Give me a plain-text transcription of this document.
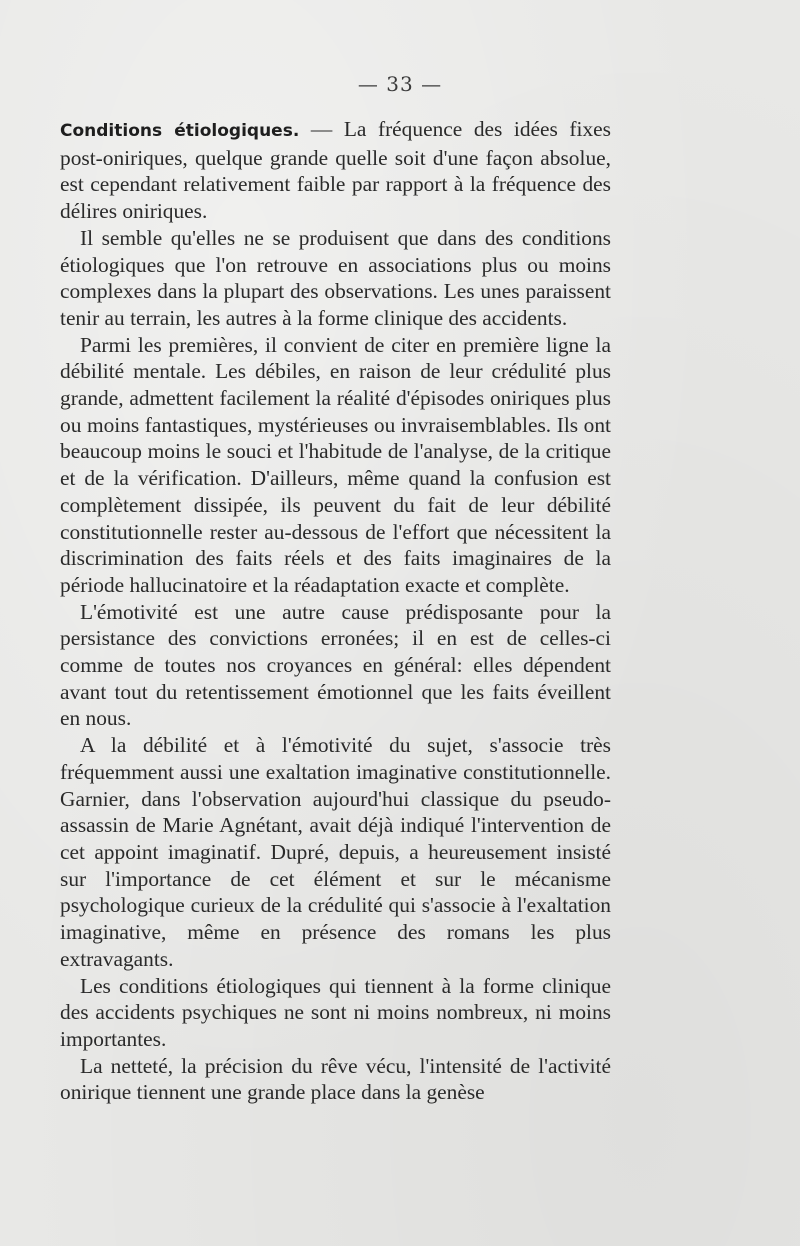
— 33 —

Conditions étiologiques. — La fréquence des idées fixes post-oniriques, quelque grande quelle soit d'une façon absolue, est cependant relativement faible par rapport à la fréquence des délires oniriques.

Il semble qu'elles ne se produisent que dans des conditions étiologiques que l'on retrouve en associations plus ou moins complexes dans la plupart des observations. Les unes paraissent tenir au terrain, les autres à la forme clinique des accidents.

Parmi les premières, il convient de citer en première ligne la débilité mentale. Les débiles, en raison de leur crédulité plus grande, admettent facilement la réalité d'épisodes oniriques plus ou moins fantastiques, mystérieuses ou invraisemblables. Ils ont beaucoup moins le souci et l'habitude de l'analyse, de la critique et de la vérification. D'ailleurs, même quand la confusion est complètement dissipée, ils peuvent du fait de leur débilité constitutionnelle rester au-dessous de l'effort que nécessitent la discrimination des faits réels et des faits imaginaires de la période hallucinatoire et la réadaptation exacte et complète.

L'émotivité est une autre cause prédisposante pour la persistance des convictions erronées; il en est de celles-ci comme de toutes nos croyances en général: elles dépendent avant tout du retentissement émotionnel que les faits éveillent en nous.

A la débilité et à l'émotivité du sujet, s'associe très fréquemment aussi une exaltation imaginative constitutionnelle. Garnier, dans l'observation aujourd'hui classique du pseudo-assassin de Marie Agnétant, avait déjà indiqué l'intervention de cet appoint imaginatif. Dupré, depuis, a heureusement insisté sur l'importance de cet élément et sur le mécanisme psychologique curieux de la crédulité qui s'associe à l'exaltation imaginative, même en présence des romans les plus extravagants.

Les conditions étiologiques qui tiennent à la forme clinique des accidents psychiques ne sont ni moins nombreux, ni moins importantes.

La netteté, la précision du rêve vécu, l'intensité de l'activité onirique tiennent une grande place dans la genèse
